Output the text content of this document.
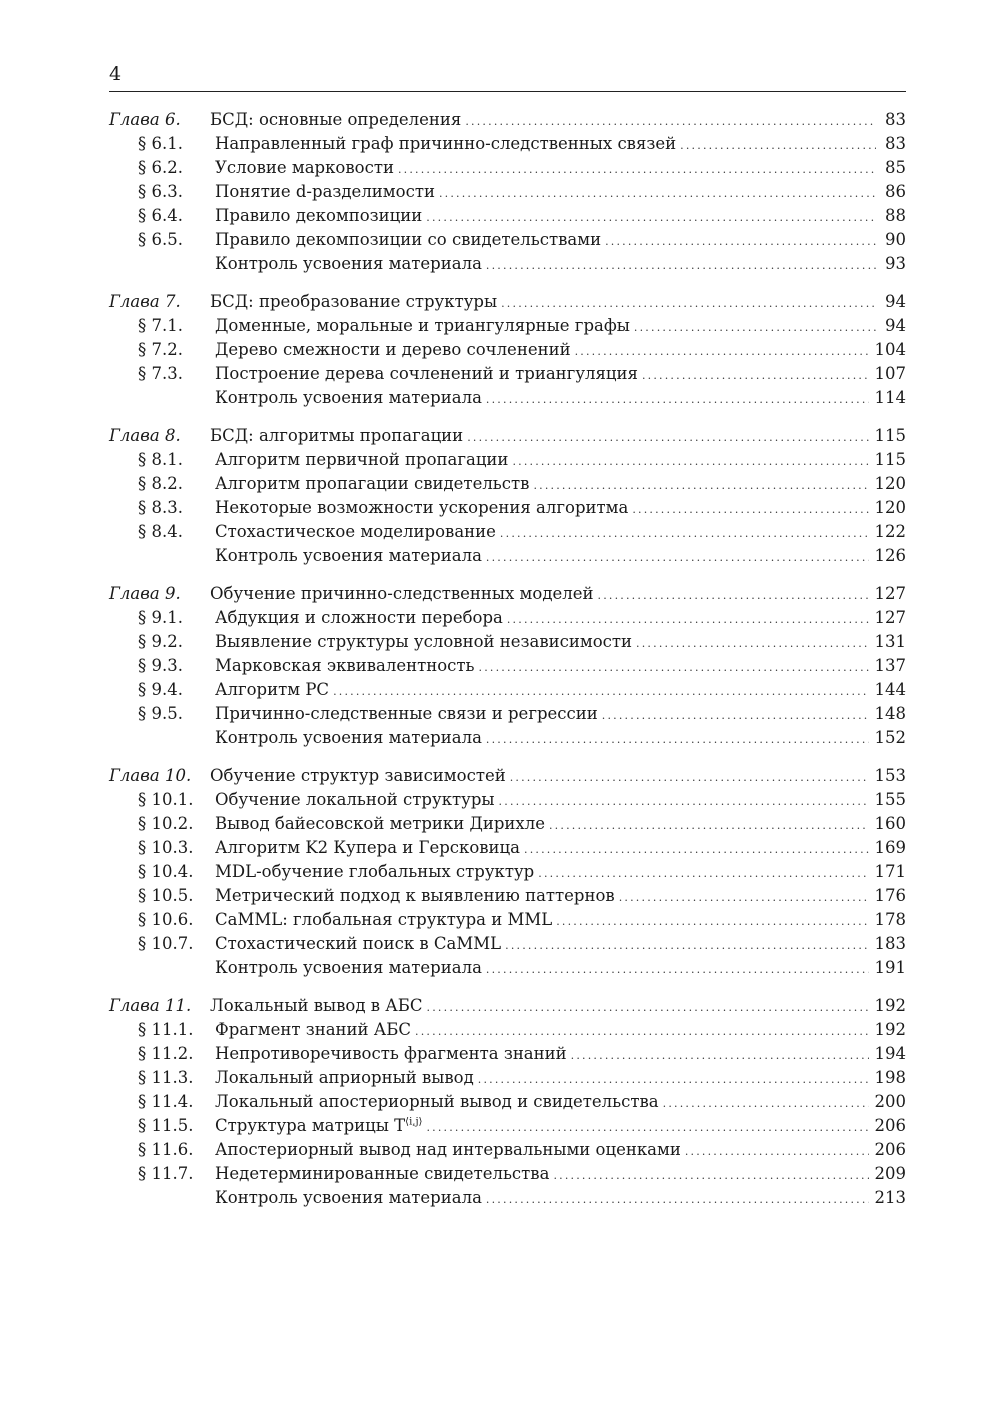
4
Глава 6.	БСД: основные определения .....	83
§ 6.1.	Направленный граф причинно-следственных связей .....	83
§ 6.2.	Условие марковости .....	85
§ 6.3.	Понятие d-разделимости .....	86
§ 6.4.	Правило декомпозиции .....	88
§ 6.5.	Правило декомпозиции со свидетельствами .....	90
Контроль усвоения материала .....	93
Глава 7.	БСД: преобразование структуры .....	94
§ 7.1.	Доменные, моральные и триангулярные графы .....	94
§ 7.2.	Дерево смежности и дерево сочленений .....	104
§ 7.3.	Построение дерева сочленений и триангуляция .....	107
Контроль усвоения материала .....	114
Глава 8.	БСД: алгоритмы пропагации .....	115
§ 8.1.	Алгоритм первичной пропагации .....	115
§ 8.2.	Алгоритм пропагации свидетельств .....	120
§ 8.3.	Некоторые возможности ускорения алгоритма .....	120
§ 8.4.	Стохастическое моделирование .....	122
Контроль усвоения материала .....	126
Глава 9.	Обучение причинно-следственных моделей .....	127
§ 9.1.	Абдукция и сложности перебора .....	127
§ 9.2.	Выявление структуры условной независимости .....	131
§ 9.3.	Марковская эквивалентность .....	137
§ 9.4.	Алгоритм PC .....	144
§ 9.5.	Причинно-следственные связи и регрессии .....	148
Контроль усвоения материала .....	152
Глава 10.	Обучение структур зависимостей .....	153
§ 10.1.	Обучение локальной структуры .....	155
§ 10.2.	Вывод байесовской метрики Дирихле .....	160
§ 10.3.	Алгоритм K2 Купера и Герсковица .....	169
§ 10.4.	MDL-обучение глобальных структур .....	171
§ 10.5.	Метрический подход к выявлению паттернов .....	176
§ 10.6.	CaMML: глобальная структура и MML .....	178
§ 10.7.	Стохастический поиск в CaMML .....	183
Контроль усвоения материала .....	191
Глава 11.	Локальный вывод в АБС .....	192
§ 11.1.	Фрагмент знаний АБС .....	192
§ 11.2.	Непротиворечивость фрагмента знаний .....	194
§ 11.3.	Локальный априорный вывод .....	198
§ 11.4.	Локальный апостериорный вывод и свидетельства .....	200
§ 11.5.	Структура матрицы $T^{⟨i,j⟩}$ .....	206
§ 11.6.	Апостериорный вывод над интервальными оценками .....	206
§ 11.7.	Недетерминированные свидетельства .....	209
Контроль усвоения материала .....	213
